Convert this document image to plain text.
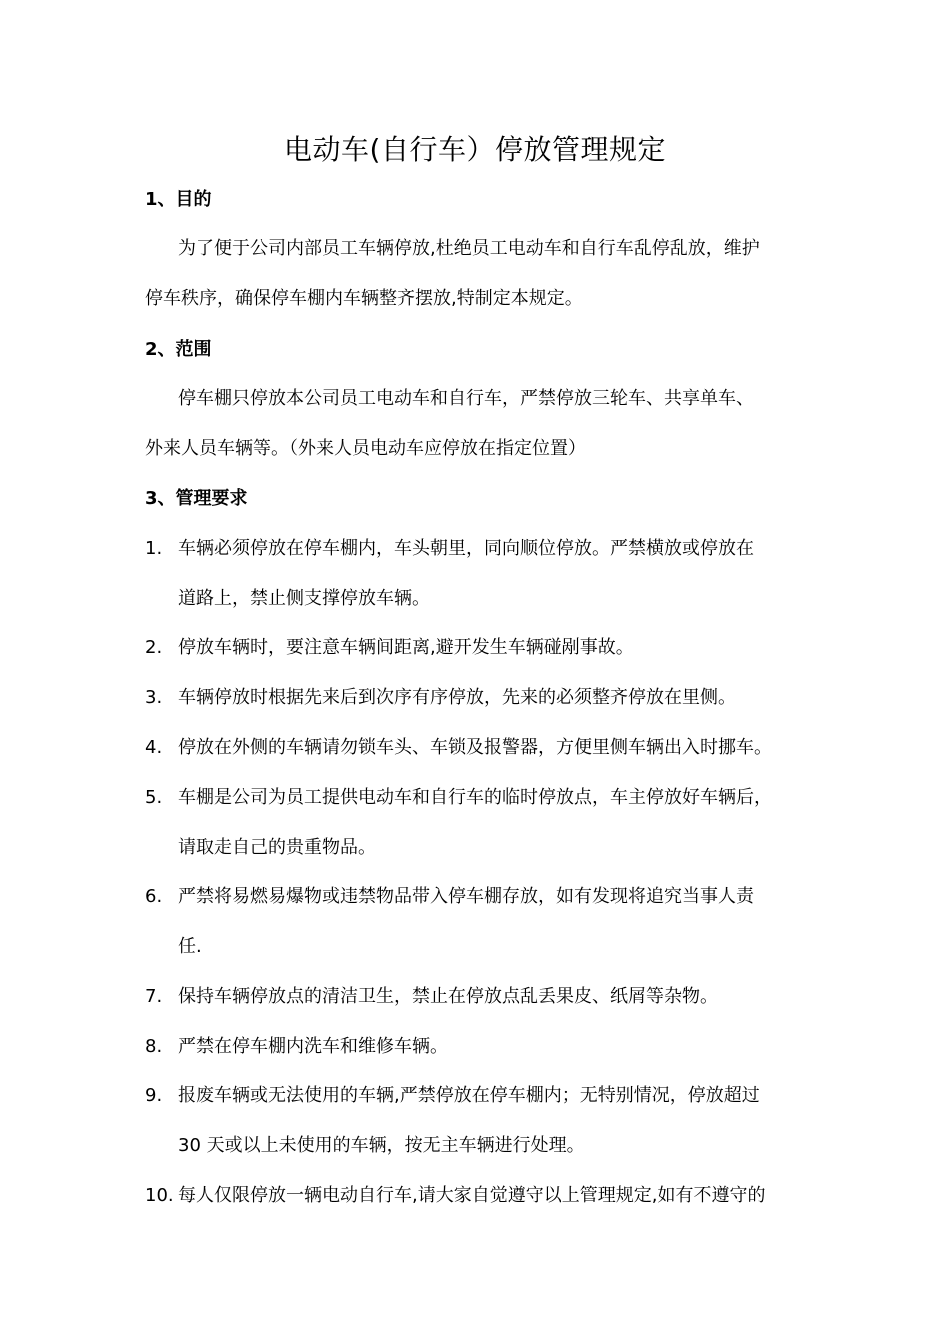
电动车(自行车）停放管理规定
1、目的
为了便于公司内部员工车辆停放,杜绝员工电动车和自行车乱停乱放，维护
停车秩序，确保停车棚内车辆整齐摆放,特制定本规定。
2、范围
停车棚只停放本公司员工电动车和自行车，严禁停放三轮车、共享单车、
外来人员车辆等。（外来人员电动车应停放在指定位置）
3、管理要求
1. 车辆必须停放在停车棚内，车头朝里，同向顺位停放。严禁横放或停放在
道路上，禁止侧支撑停放车辆。
2. 停放车辆时，要注意车辆间距离,避开发生车辆碰剐事故。
3. 车辆停放时根据先来后到次序有序停放，先来的必须整齐停放在里侧。
4. 停放在外侧的车辆请勿锁车头、车锁及报警器，方便里侧车辆出入时挪车。
5. 车棚是公司为员工提供电动车和自行车的临时停放点，车主停放好车辆后，
请取走自己的贵重物品。
6. 严禁将易燃易爆物或违禁物品带入停车棚存放，如有发现将追究当事人责
任.
7. 保持车辆停放点的清洁卫生，禁止在停放点乱丢果皮、纸屑等杂物。
8. 严禁在停车棚内洗车和维修车辆。
9. 报废车辆或无法使用的车辆,严禁停放在停车棚内；无特别情况，停放超过
30 天或以上未使用的车辆，按无主车辆进行处理。
10. 每人仅限停放一辆电动自行车,请大家自觉遵守以上管理规定,如有不遵守的
